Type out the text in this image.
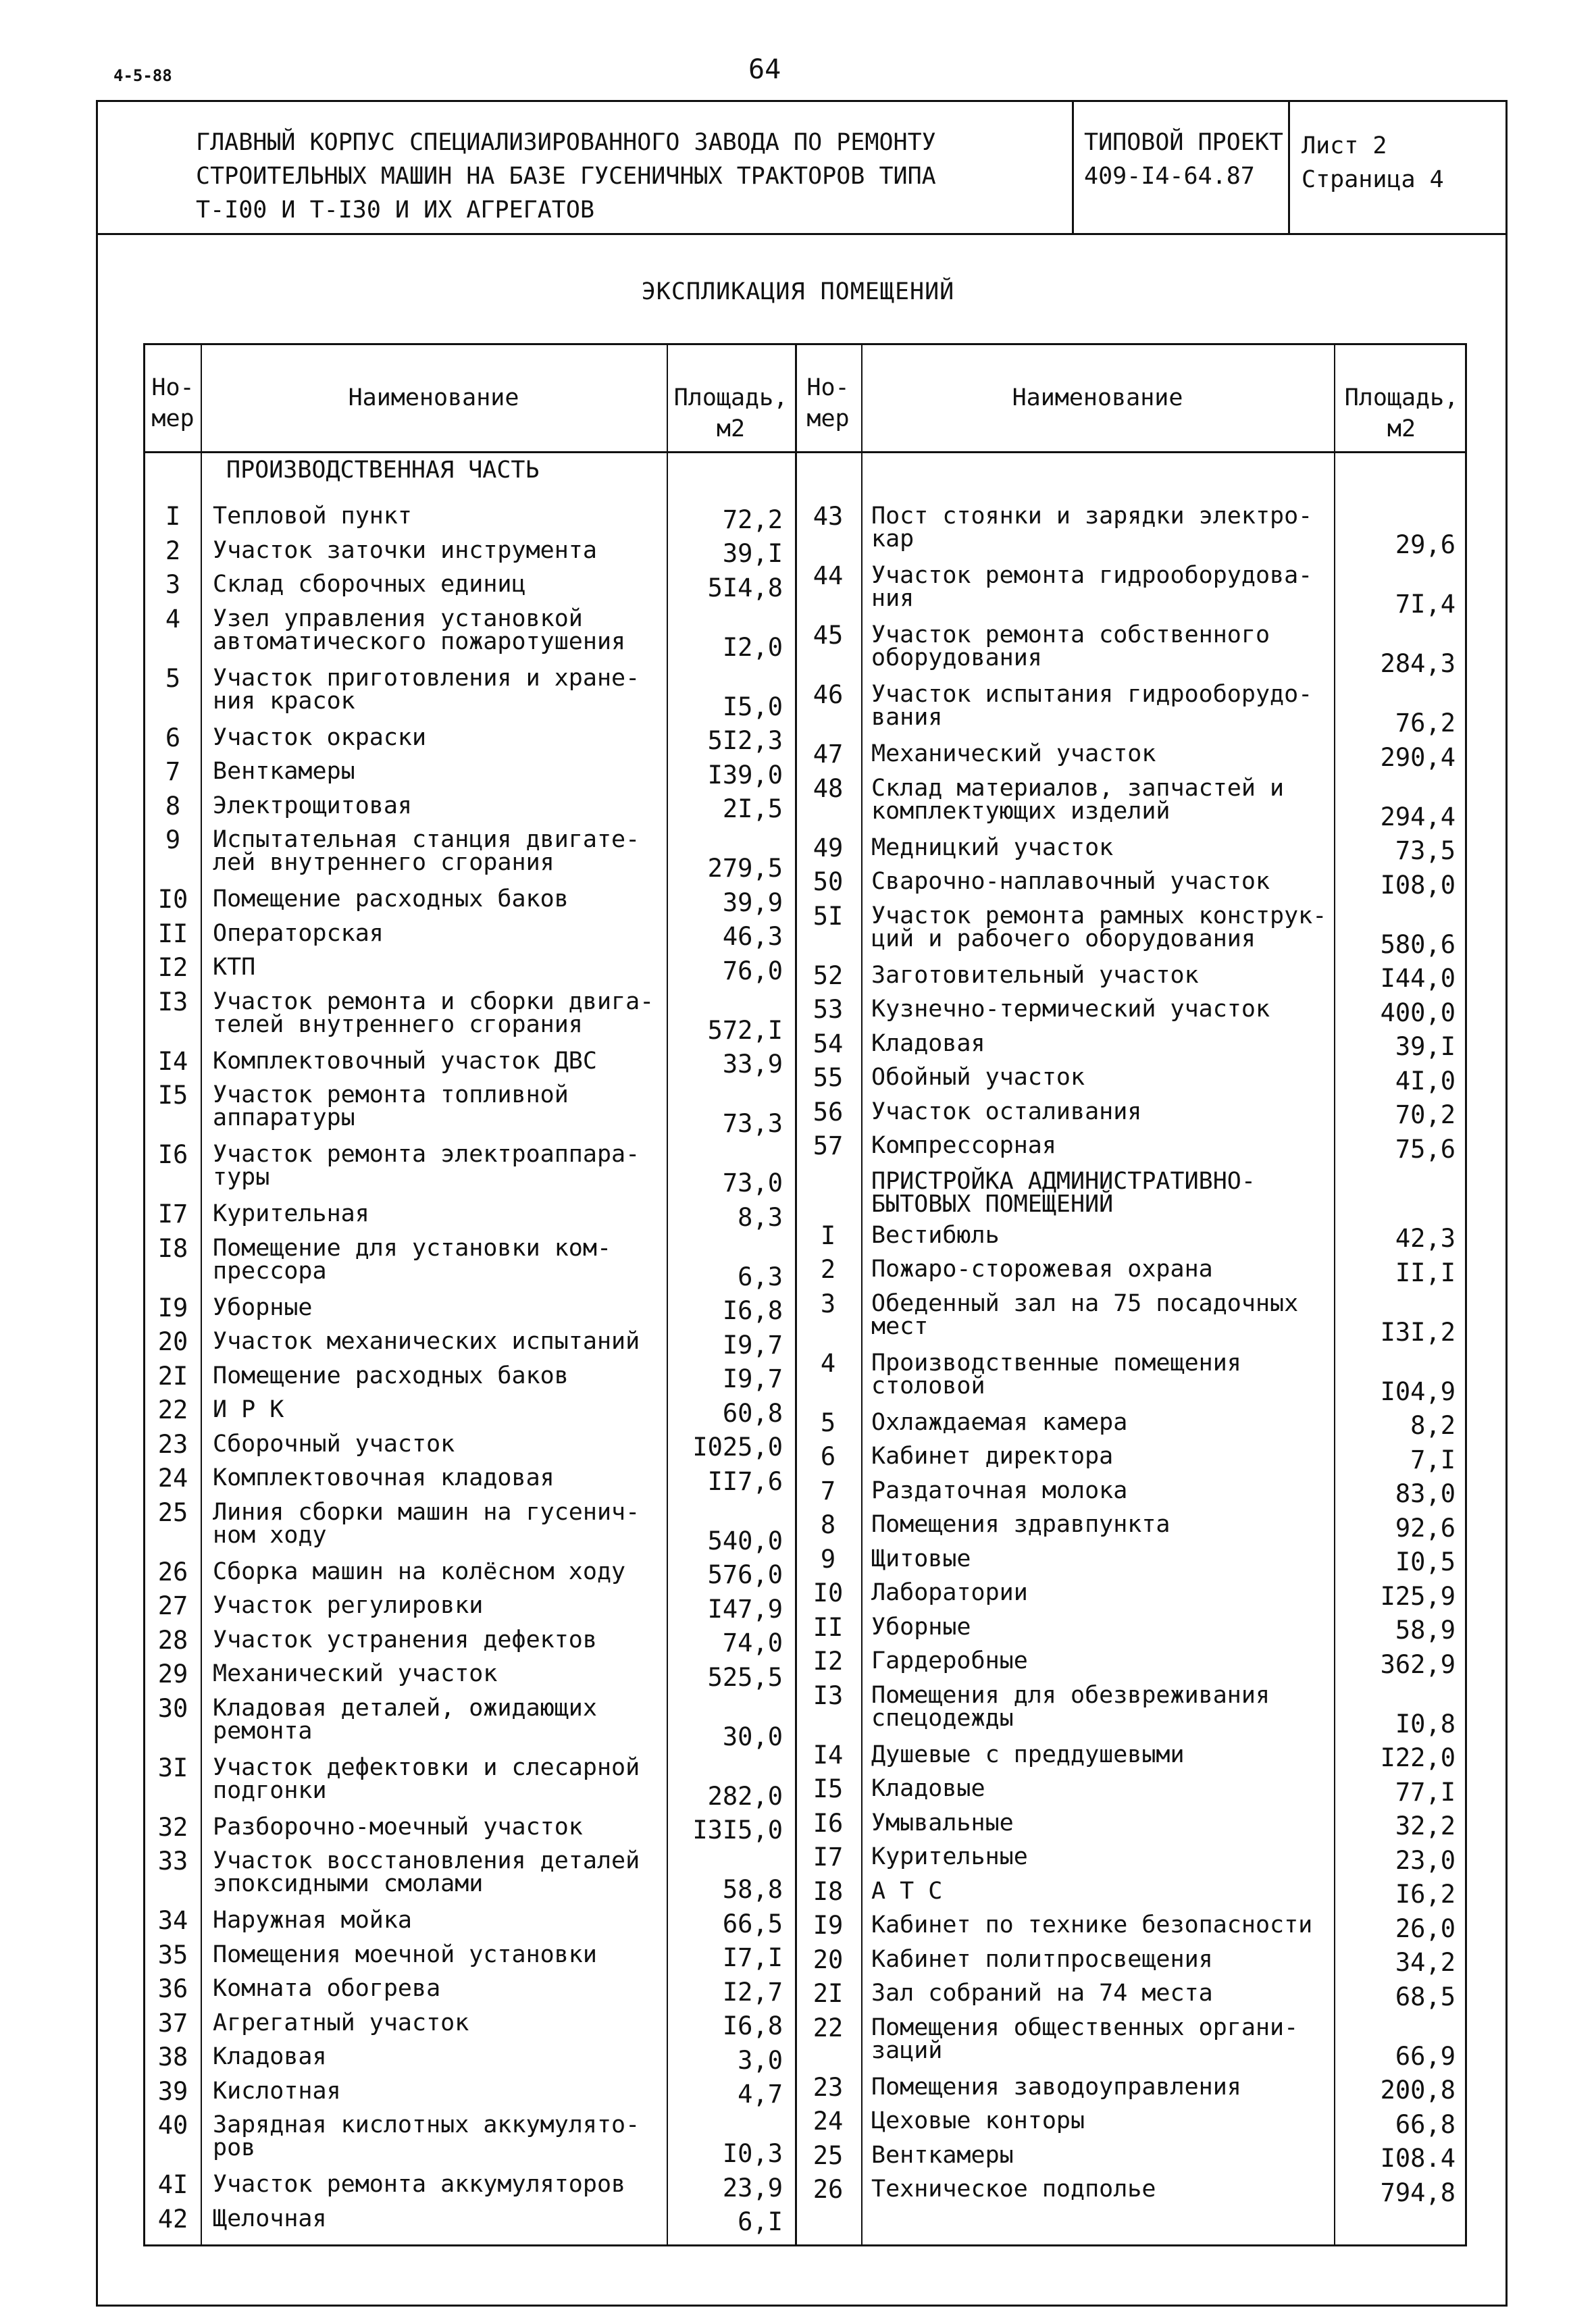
4-5-88	64
ГЛАВНЫЙ КОРПУС СПЕЦИАЛИЗИРОВАННОГО ЗАВОДА ПО РЕМОНТУ
СТРОИТЕЛЬНЫХ МАШИН НА БАЗЕ ГУСЕНИЧНЫХ ТРАКТОРОВ ТИПА
Т-I00 И Т-I30 И ИХ АГРЕГАТОВ
ТИПОВОЙ ПРОЕКТ
409-I4-64.87
Лист 2
Страница 4
ЭКСПЛИКАЦИЯ ПОМЕЩЕНИЙ
Но-
мер
Наименование	Площадь,
м2
Но-
мер
Наименование	Площадь,
м2
ПРОИЗВОДСТВЕННАЯ ЧАСТЬ
I	Тепловой пункт	72,2
2	Участок заточки инструмента	39,I
3	Склад сборочных единиц	5I4,8
4	Узел управления установкой
автоматического пожаротушения	I2,0
5	Участок приготовления и хране-
ния красок	I5,0
6	Участок окраски	5I2,3
7	Венткамеры	I39,0
8	Электрощитовая	2I,5
9	Испытательная станция двигате-
лей внутреннего сгорания	279,5
I0	Помещение расходных баков	39,9
II	Операторская	46,3
I2	КТП	76,0
I3	Участок ремонта и сборки двига-
телей внутреннего сгорания	572,I
I4	Комплектовочный участок ДВС	33,9
I5	Участок ремонта топливной
аппаратуры	73,3
I6	Участок ремонта электроаппара-
туры	73,0
I7	Курительная	8,3
I8	Помещение для установки ком-
прессора	6,3
I9	Уборные	I6,8
20	Участок механических испытаний	I9,7
2I	Помещение расходных баков	I9,7
22	И Р К	60,8
23	Сборочный участок	I025,0
24	Комплектовочная кладовая	II7,6
25	Линия сборки машин на гусенич-
ном ходу	540,0
26	Сборка машин на колёсном ходу	576,0
27	Участок регулировки	I47,9
28	Участок устранения дефектов	74,0
29	Механический участок	525,5
30	Кладовая деталей, ожидающих
ремонта	30,0
3I	Участок дефектовки и слесарной
подгонки	282,0
32	Разборочно-моечный участок	I3I5,0
33	Участок восстановления деталей
эпоксидными смолами	58,8
34	Наружная мойка	66,5
35	Помещения моечной установки	I7,I
36	Комната обогрева	I2,7
37	Агрегатный участок	I6,8
38	Кладовая	3,0
39	Кислотная	4,7
40	Зарядная кислотных аккумулято-
ров	I0,3
4I	Участок ремонта аккумуляторов	23,9
42	Щелочная	6,I
43	Пост стоянки и зарядки электро-
кар	29,6
44	Участок ремонта гидрооборудова-
ния	7I,4
45	Участок ремонта собственного
оборудования	284,3
46	Участок испытания гидрооборудо-
вания	76,2
47	Механический участок	290,4
48	Склад материалов, запчастей и
комплектующих изделий	294,4
49	Медницкий участок	73,5
50	Сварочно-наплавочный участок	I08,0
5I	Участок ремонта рамных конструк-
ций и рабочего оборудования	580,6
52	Заготовительный участок	I44,0
53	Кузнечно-термический участок	400,0
54	Кладовая	39,I
55	Обойный участок	4I,0
56	Участок осталивания	70,2
57	Компрессорная	75,6
ПРИСТРОЙКА АДМИНИСТРАТИВНО-
БЫТОВЫХ ПОМЕЩЕНИЙ
I	Вестибюль	42,3
2	Пожаро-сторожевая охрана	II,I
3	Обеденный зал на 75 посадочных
мест	I3I,2
4	Производственные помещения
столовой	I04,9
5	Охлаждаемая камера	8,2
6	Кабинет директора	7,I
7	Раздаточная молока	83,0
8	Помещения здравпункта	92,6
9	Щитовые	I0,5
I0	Лаборатории	I25,9
II	Уборные	58,9
I2	Гардеробные	362,9
I3	Помещения для обезвреживания
спецодежды	I0,8
I4	Душевые с преддушевыми	I22,0
I5	Кладовые	77,I
I6	Умывальные	32,2
I7	Курительные	23,0
I8	А Т С	I6,2
I9	Кабинет по технике безопасности	26,0
20	Кабинет политпросвещения	34,2
2I	Зал собраний на 74 места	68,5
22	Помещения общественных органи-
заций	66,9
23	Помещения заводоуправления	200,8
24	Цеховые конторы	66,8
25	Венткамеры	I08.4
26	Техническое подполье	794,8
